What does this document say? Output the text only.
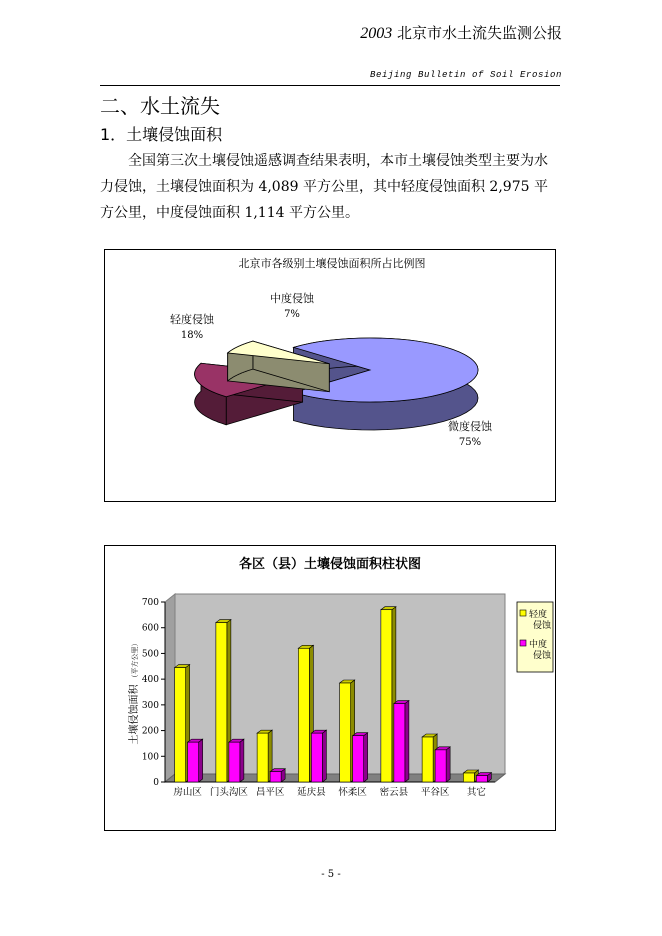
2003 北京市水土流失监测公报
Beijing Bulletin of Soil Erosion
二、水土流失
1．土壤侵蚀面积

全国第三次土壤侵蚀遥感调查结果表明，本市土壤侵蚀类型主要为水力侵蚀，土壤侵蚀面积为 4,089 平方公里，其中轻度侵蚀面积 2,975 平方公里，中度侵蚀面积 1,114 平方公里。

北京市各级别土壤侵蚀面积所占比例图
微度侵蚀
75%
轻度侵蚀
18%
中度侵蚀
7%
各区（县）土壤侵蚀面积柱状图
0
100
200
300
400
500
600
700
土壤侵蚀面积（平方公里）
房山区 门头沟区 昌平区 延庆县 怀柔区 密云县 平谷区 其它
轻度侵蚀
中度侵蚀
- 5 -
